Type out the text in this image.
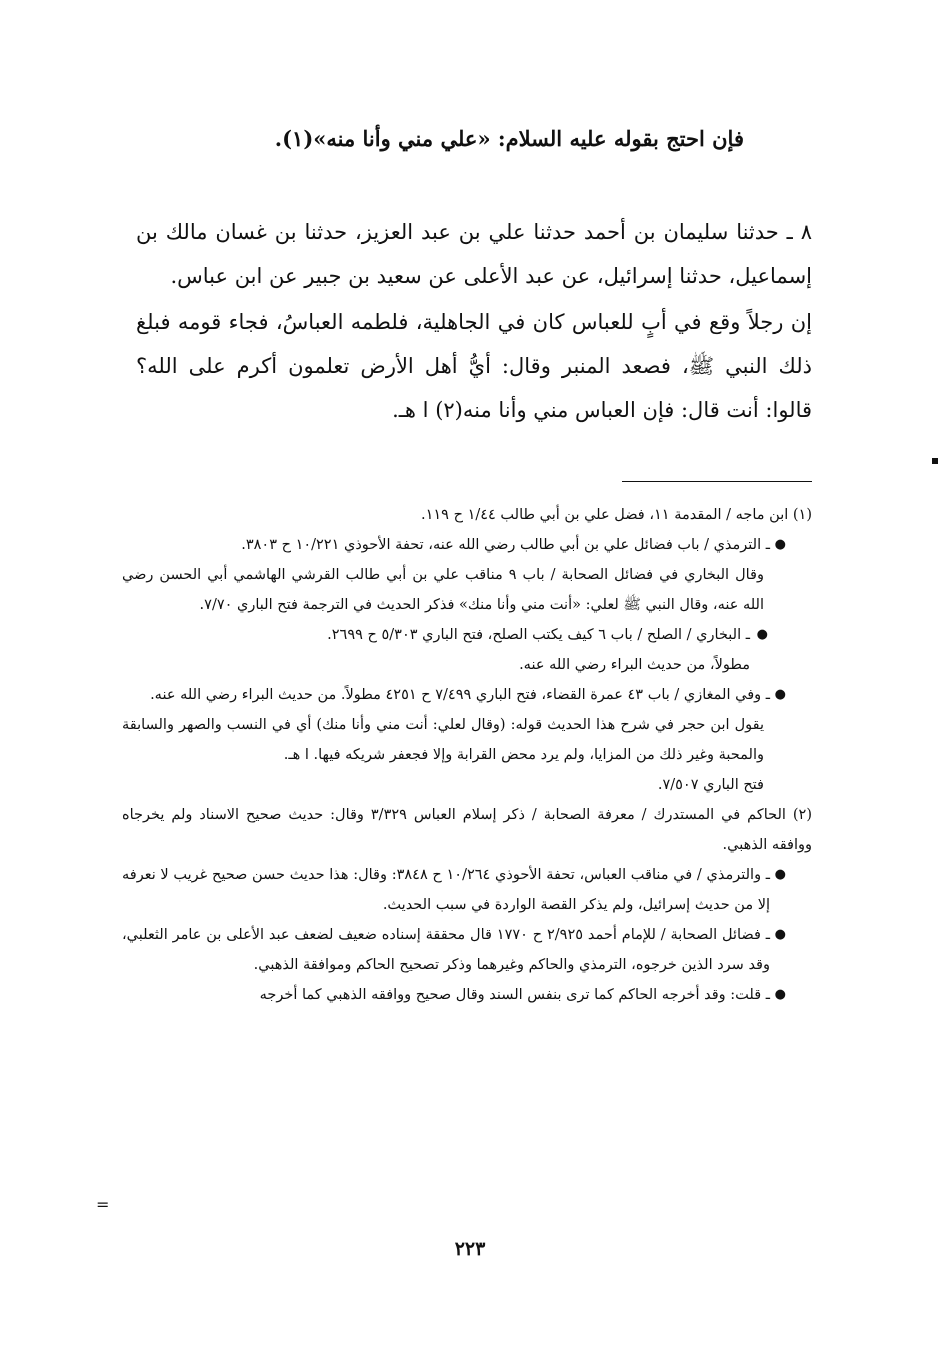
فإن احتج بقوله عليه السلام: «علي مني وأنا منه»(١).

٨ ـ حدثنا سليمان بن أحمد حدثنا علي بن عبد العزيز، حدثنا بن غسان مالك بن إسماعيل، حدثنا إسرائيل، عن عبد الأعلى عن سعيد بن جبير عن ابن عباس.

إن رجلاً وقع في أبٍ للعباس كان في الجاهلية، فلطمه العباسُ، فجاء قومه فبلغ ذلك النبي ﷺ، فصعد المنبر وقال: أيُّ أهل الأرض تعلمون أكرم على الله؟ قالوا: أنت قال: فإن العباس مني وأنا منه(٢) ا هـ.

(١) ابن ماجه / المقدمة ١١، فضل علي بن أبي طالب ١/٤٤ ح ١١٩.

●
ـ الترمذي / باب فضائل علي بن أبي طالب رضي الله عنه، تحفة الأحوذي ١٠/٢٢١ ح ٣٨٠٣.

وقال البخاري في فضائل الصحابة / باب ٩ مناقب علي بن أبي طالب القرشي الهاشمي أبي الحسن رضي الله عنه، وقال النبي ﷺ لعلي: «أنت مني وأنا منك» فذكر الحديث في الترجمة فتح الباري ٧/٧٠.

●
ـ البخاري / الصلح / باب ٦ كيف يكتب الصلح، فتح الباري ٥/٣٠٣ ح ٢٦٩٩.
مطولاً، من حديث البراء رضي الله عنه.

●
ـ وفي المغازي / باب ٤٣ عمرة القضاء، فتح الباري ٧/٤٩٩ ح ٤٢٥١ مطولاً. من حديث البراء رضي الله عنه.

يقول ابن حجر في شرح هذا الحديث قوله: (وقال لعلي: أنت مني وأنا منك) أي في النسب والصهر والسابقة والمحبة وغير ذلك من المزايا، ولم يرد محض القرابة وإلا فجعفر شريكه فيها. ا هـ.

فتح الباري ٧/٥٠٧.

(٢) الحاكم في المستدرك / معرفة الصحابة / ذكر إسلام العباس ٣/٣٢٩ وقال: حديث صحيح الاسناد ولم يخرجاه ووافقه الذهبي.

●
ـ والترمذي / في مناقب العباس، تحفة الأحوذي ١٠/٢٦٤ ح ٣٨٤٨: وقال: هذا حديث حسن صحيح غريب لا نعرفه إلا من حديث إسرائيل، ولم يذكر القصة الواردة في سبب الحديث.

●
ـ فضائل الصحابة / للإمام أحمد ٢/٩٢٥ ح ١٧٧٠ قال محققة إسناده ضعيف لضعف عبد الأعلى بن عامر الثعلبي، وقد سرد الذين خرجوه، الترمذي والحاكم وغيرهما وذكر تصحيح الحاكم وموافقة الذهبي.

●
ـ قلت: وقد أخرجه الحاكم كما ترى بنفس السند وقال صحيح ووافقه الذهبي كما أخرجه

=
٢٢٣
